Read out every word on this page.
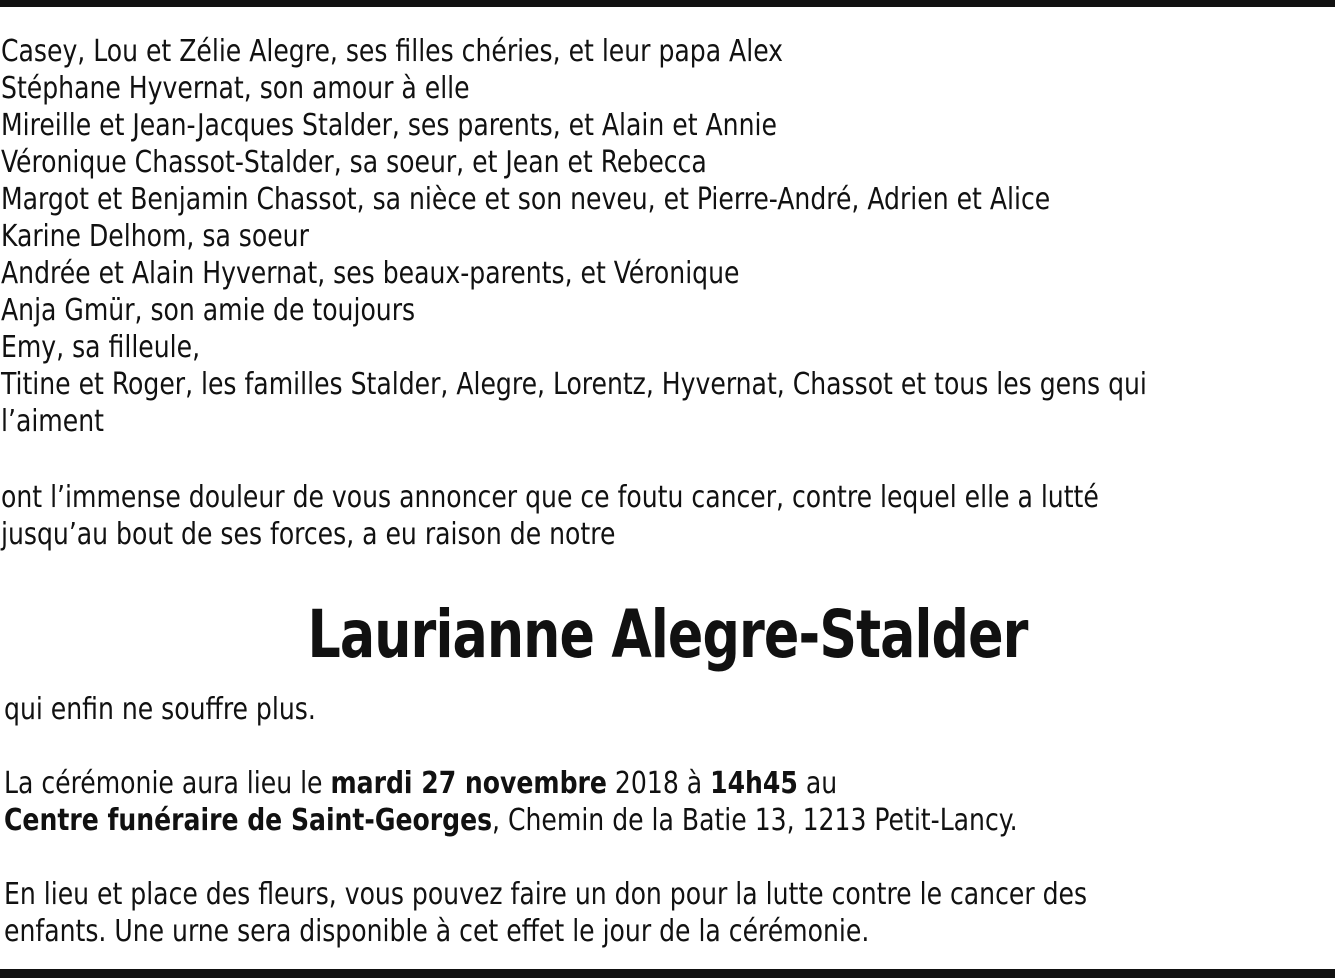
Casey, Lou et Zélie Alegre, ses filles chéries, et leur papa Alex
Stéphane Hyvernat, son amour à elle
Mireille et Jean-Jacques Stalder, ses parents, et Alain et Annie
Véronique Chassot-Stalder, sa soeur, et Jean et Rebecca
Margot et Benjamin Chassot, sa nièce et son neveu, et Pierre-André, Adrien et Alice
Karine Delhom, sa soeur
Andrée et Alain Hyvernat, ses beaux-parents, et Véronique
Anja Gmür, son amie de toujours
Emy, sa filleule,
Titine et Roger, les familles Stalder, Alegre, Lorentz, Hyvernat, Chassot et tous les gens qui
l’aiment
ont l’immense douleur de vous annoncer que ce foutu cancer, contre lequel elle a lutté
jusqu’au bout de ses forces, a eu raison de notre
Laurianne Alegre-Stalder
qui enfin ne souffre plus.
La cérémonie aura lieu le mardi 27 novembre 2018 à 14h45 au
Centre funéraire de Saint-Georges, Chemin de la Batie 13, 1213 Petit-Lancy.
En lieu et place des fleurs, vous pouvez faire un don pour la lutte contre le cancer des
enfants. Une urne sera disponible à cet effet le jour de la cérémonie.
